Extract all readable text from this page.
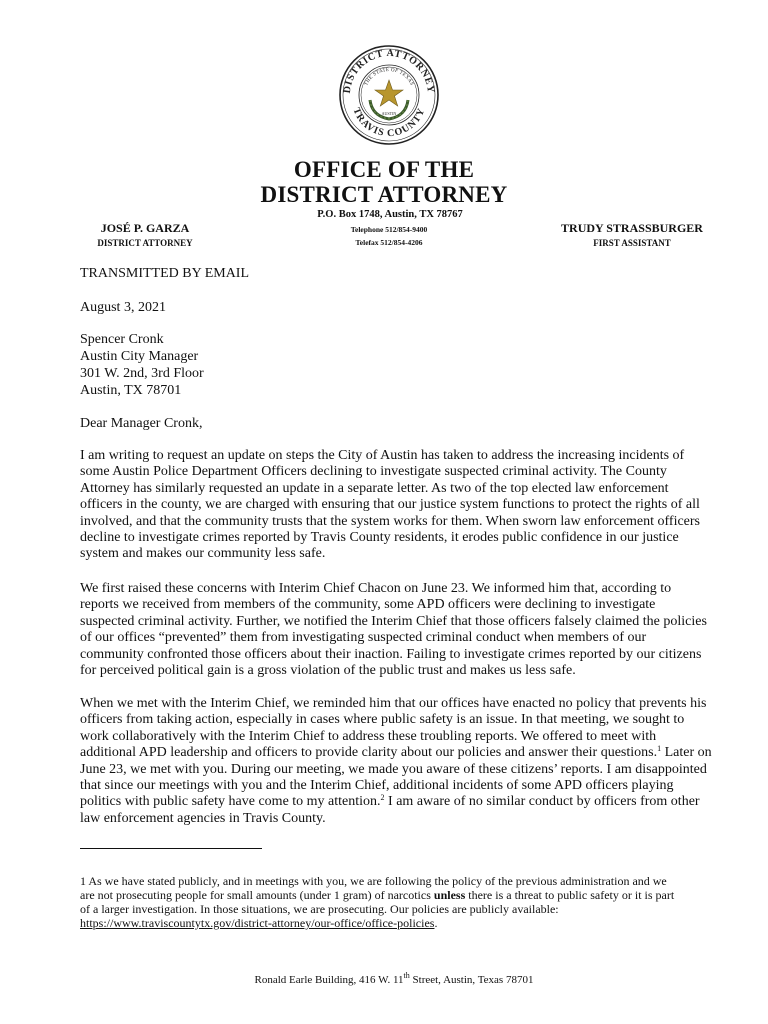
DISTRICT ATTORNEY
TRAVIS COUNTY
THE STATE OF TEXAS
AUSTIN
OFFICE OF THE
DISTRICT ATTORNEY
P.O. Box 1748, Austin, TX 78767
Telephone 512/854-9400
Telefax 512/854-4206
JOSÉ P. GARZA
DISTRICT ATTORNEY
TRUDY STRASSBURGER
FIRST ASSISTANT
TRANSMITTED BY EMAIL
August 3, 2021
Spencer Cronk
Austin City Manager
301 W. 2nd, 3rd Floor
Austin, TX 78701
Dear Manager Cronk,
I am writing to request an update on steps the City of Austin has taken to address the increasing incidents of
some Austin Police Department Officers declining to investigate suspected criminal activity. The County
Attorney has similarly requested an update in a separate letter. As two of the top elected law enforcement
officers in the county, we are charged with ensuring that our justice system functions to protect the rights of all
involved, and that the community trusts that the system works for them. When sworn law enforcement officers
decline to investigate crimes reported by Travis County residents, it erodes public confidence in our justice
system and makes our community less safe.
We first raised these concerns with Interim Chief Chacon on June 23. We informed him that, according to
reports we received from members of the community, some APD officers were declining to investigate
suspected criminal activity. Further, we notified the Interim Chief that those officers falsely claimed the policies
of our offices “prevented” them from investigating suspected criminal conduct when members of our
community confronted those officers about their inaction. Failing to investigate crimes reported by our citizens
for perceived political gain is a gross violation of the public trust and makes us less safe.
When we met with the Interim Chief, we reminded him that our offices have enacted no policy that prevents his
officers from taking action, especially in cases where public safety is an issue. In that meeting, we sought to
work collaboratively with the Interim Chief to address these troubling reports. We offered to meet with
additional APD leadership and officers to provide clarity about our policies and answer their questions.$^1$ Later on
June 23, we met with you. During our meeting, we made you aware of these citizens’ reports. I am disappointed
that since our meetings with you and the Interim Chief, additional incidents of some APD officers playing
politics with public safety have come to my attention.$^2$ I am aware of no similar conduct by officers from other
law enforcement agencies in Travis County.
1 As we have stated publicly, and in meetings with you, we are following the policy of the previous administration and we
are not prosecuting people for small amounts (under 1 gram) of narcotics unless there is a threat to public safety or it is part
of a larger investigation. In those situations, we are prosecuting. Our policies are publicly available:
https://www.traviscountytx.gov/district-attorney/our-office/office-policies.
Ronald Earle Building, 416 W. 11th Street, Austin, Texas 78701
